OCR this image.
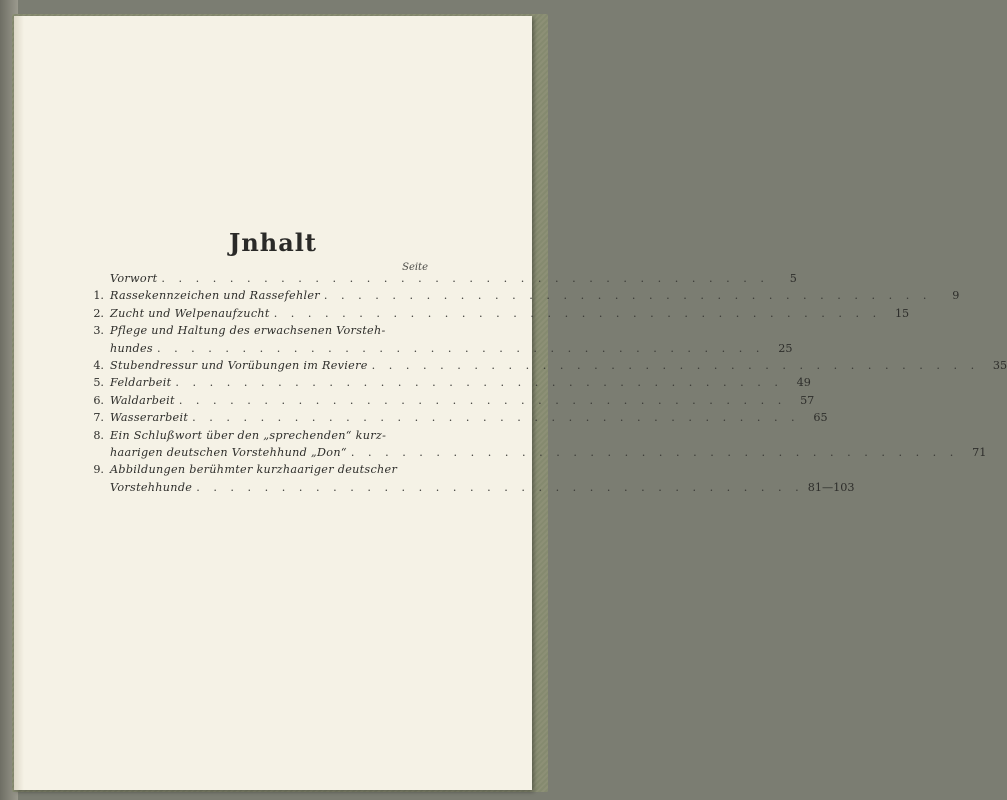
Jnhalt
Seite
Vorwort . . . . . . . . . . . . . . . . . . . . . . . . . . . . . . . . . . . .	5
1. Rassekennzeichen und Rassefehler . . . . . . . . . . . . . . . . . . . . . . . . . . . . . . . . . . . .	9
2. Zucht und Welpenaufzucht . . . . . . . . . . . . . . . . . . . . . . . . . . . . . . . . . . . .	15
3. Pflege und Haltung des erwachsenen Vorsteh-
hundes . . . . . . . . . . . . . . . . . . . . . . . . . . . . . . . . . . . .	25
4. Stubendressur und Vorübungen im Reviere . . . . . . . . . . . . . . . . . . . . . . . . . . . . . . . . . . . .	35
5. Feldarbeit . . . . . . . . . . . . . . . . . . . . . . . . . . . . . . . . . . . .	49
6. Waldarbeit . . . . . . . . . . . . . . . . . . . . . . . . . . . . . . . . . . . .	57
7. Wasserarbeit . . . . . . . . . . . . . . . . . . . . . . . . . . . . . . . . . . . .	65
8. Ein Schlußwort über den „sprechenden“ kurz-
haarigen deutschen Vorstehhund „Don“ . . . . . . . . . . . . . . . . . . . . . . . . . . . . . . . . . . . .	71
9. Abbildungen berühmter kurzhaariger deutscher
Vorstehhunde . . . . . . . . . . . . . . . . . . . . . . . . . . . . . . . . . . . . 81—103
